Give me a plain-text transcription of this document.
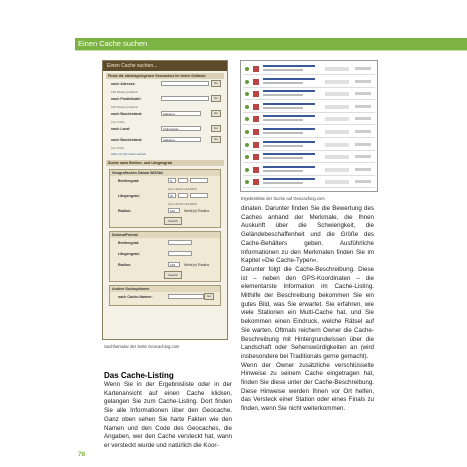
Einen Cache suchen
Einen Cache suchen...
Finde die nächstgelegenen Geocaches im freien Gelände
nach Adresse:	Go
100 Meile(n) Radius
nach Postleitzahl:	Go
100 Meile(n) Radius
nach Bundesland:	Alabama	Go
(nur USA)
nach Land:	Afghanistan	Go
nach Bundesland:	Alabama	Go
(nur USA)
Oder mit der Karte suchen
Suche nach Breiten- und Längengrad
Geografisches Datum WGS84
Breitengrad:	N
(GG HGGD HHUMM)
Längengrad:	W
(GG HGGD HHUMM)
Radius:	100	Meile(n) Radius
Search
DezimalFormat
Breitengrad:
Längengrad:
Radius:	100	Meile(n) Radius
Search
Andere Suchoptionen
nach Cache-Namen:	Go
Suchformular der Seite Geocaching.com
Ergebnisliste der Suche auf Geocaching.com
Das Cache-Listing

Wenn Sie in der Ergebnisliste oder in der Kartenansicht auf einen Cache klicken, gelangen Sie zum Cache-Listing. Dort finden Sie alle Informationen über den Geocache. Ganz oben sehen Sie harte Fakten wie den Namen und den Code des Geocaches, die Angaben, wer den Cache versteckt hat, wann er versteckt wurde und natürlich die Koor-

dinaten. Darunter finden Sie die Bewertung des Caches anhand der Merkmale, die Ihnen Auskunft über die Schwierigkeit, die Geländebeschaffenheit und die Größe des Cache-Behälters geben. Ausführliche Informationen zu den Merkmalen finden Sie im Kapitel »Die Cache-Typen«.

Darunter folgt die Cache-Beschreibung. Diese ist – neben den GPS-Koordinaten – die elementarste Information im Cache-Listing. Mithilfe der Beschreibung bekommen Sie ein gutes Bild, was Sie erwartet. Sie erfahren, wie viele Stationen ein Multi-Cache hat, und Sie bekommen einen Eindruck, welche Rätsel auf Sie warten. Oftmals reichern Owner die Cache-Beschreibung mit Hintergrundwissen über die Landschaft oder Sehenswürdigkeiten an (wird insbesondere bei Traditionals gerne gemacht).

Wenn der Owner zusätzliche verschlüsselte Hinweise zu seinem Cache eingetragen hat, finden Sie diese unter der Cache-Beschreibung. Diese Hinweise werden Ihnen vor Ort helfen, das Versteck einer Station oder eines Finals zu finden, wenn Sie nicht weiterkommen.

78
